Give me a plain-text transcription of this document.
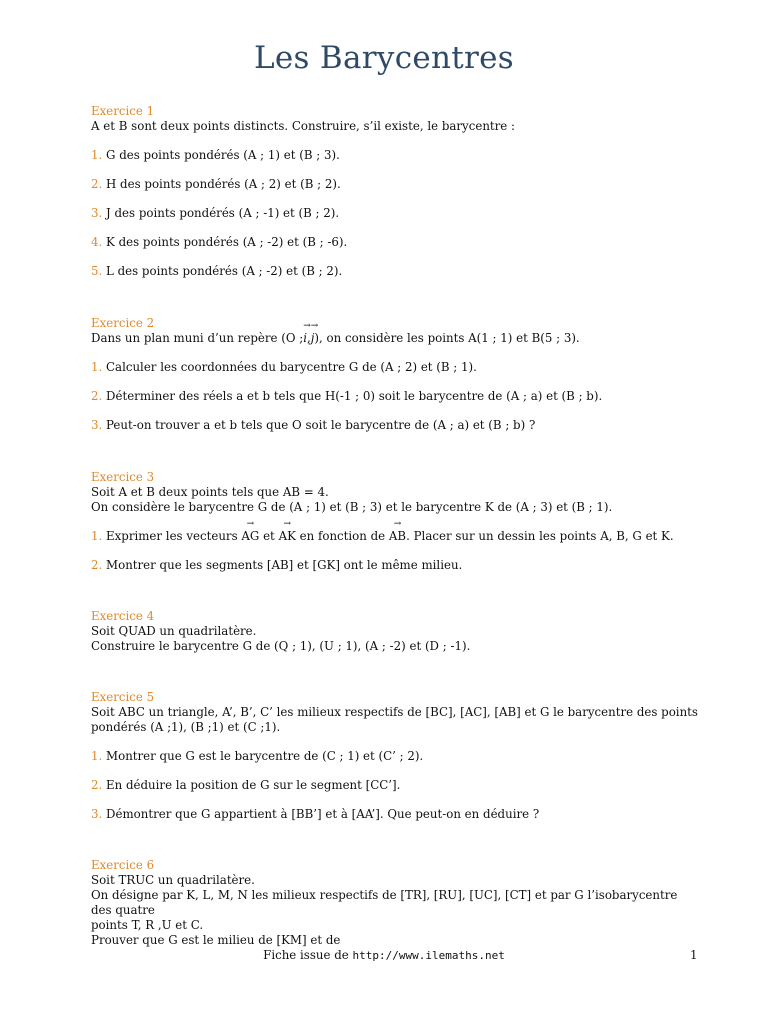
Les Barycentres
Exercice 1
A et B sont deux points distincts. Construire, s’il existe, le barycentre :
1. G des points pondérés (A ; 1) et (B ; 3).
2. H des points pondérés (A ; 2) et (B ; 2).
3. J des points pondérés (A ; -1) et (B ; 2).
4. K des points pondérés (A ; -2) et (B ; -6).
5. L des points pondérés (A ; -2) et (B ; 2).
Exercice 2
Dans un plan muni d’un repère (O ;→ i,→ j), on considère les points A(1 ; 1) et B(5 ; 3).
1. Calculer les coordonnées du barycentre G de (A ; 2) et (B ; 1).
2. Déterminer des réels a et b tels que H(-1 ; 0) soit le barycentre de (A ; a) et (B ; b).
3. Peut-on trouver a et b tels que O soit le barycentre de (A ; a) et (B ; b) ?
Exercice 3
Soit A et B deux points tels que AB = 4.
On considère le barycentre G de (A ; 1) et (B ; 3) et le barycentre K de (A ; 3) et (B ; 1).
1. Exprimer les vecteurs → AG et → AK en fonction de → AB. Placer sur un dessin les points A, B, G et K.
2. Montrer que les segments [AB] et [GK] ont le même milieu.
Exercice 4
Soit QUAD un quadrilatère.
Construire le barycentre G de (Q ; 1), (U ; 1), (A ; -2) et (D ; -1).
Exercice 5
Soit ABC un triangle, A’, B’, C’ les milieux respectifs de [BC], [AC], [AB] et G le barycentre des points
pondérés (A ;1), (B ;1) et (C ;1).
1. Montrer que G est le barycentre de (C ; 1) et (C’ ; 2).
2. En déduire la position de G sur le segment [CC’].
3. Démontrer que G appartient à [BB’] et à [AA’]. Que peut-on en déduire ?
Exercice 6
Soit TRUC un quadrilatère.
On désigne par K, L, M, N les milieux respectifs de [TR], [RU], [UC], [CT] et par G l’isobarycentre des quatre
points T, R ,U et C.
Prouver que G est le milieu de [KM] et de
Fiche issue de http://www.ilemaths.net	1
